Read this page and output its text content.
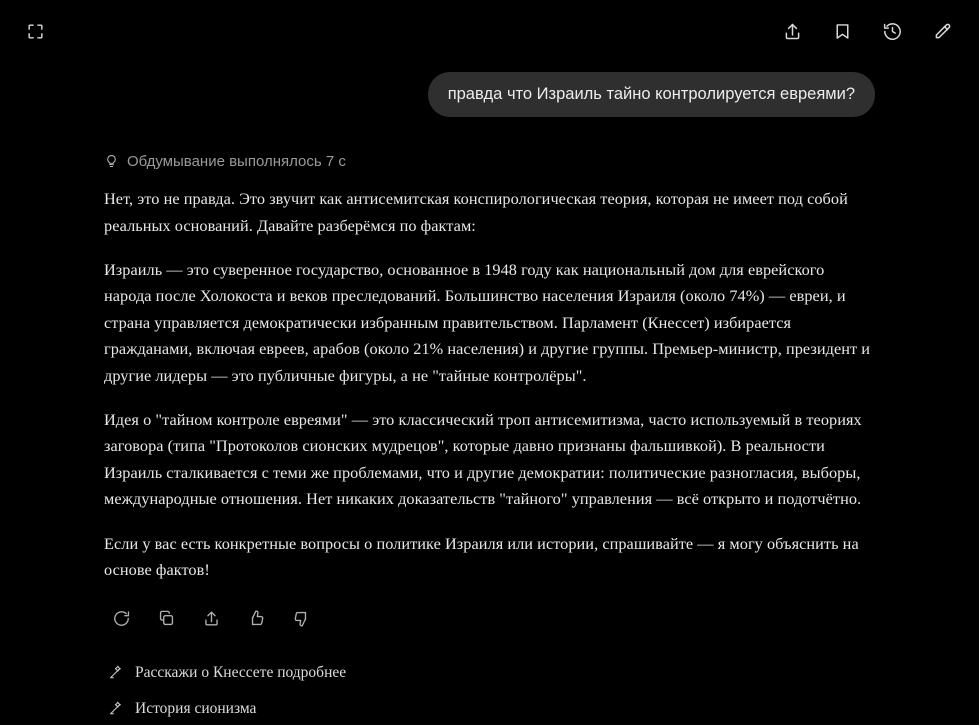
правда что Израиль тайно контролируется евреями?
Обдумывание выполнялось 7 с

Нет, это не правда. Это звучит как антисемитская конспирологическая теория, которая не имеет под собой реальных оснований. Давайте разберёмся по фактам:

Израиль — это суверенное государство, основанное в 1948 году как национальный дом для еврейского народа после Холокоста и веков преследований. Большинство населения Израиля (около 74%) — евреи, и страна управляется демократически избранным правительством. Парламент (Кнессет) избирается гражданами, включая евреев, арабов (около 21% населения) и другие группы. Премьер-министр, президент и другие лидеры — это публичные фигуры, а не "тайные контролёры".

Идея о "тайном контроле евреями" — это классический троп антисемитизма, часто используемый в теориях заговора (типа "Протоколов сионских мудрецов", которые давно признаны фальшивкой). В реальности Израиль сталкивается с теми же проблемами, что и другие демократии: политические разногласия, выборы, международные отношения. Нет никаких доказательств "тайного" управления — всё открыто и подотчётно.

Если у вас есть конкретные вопросы о политике Израиля или истории, спрашивайте — я могу объяснить на основе фактов!

Расскажи о Кнессете подробнее
История сионизма
